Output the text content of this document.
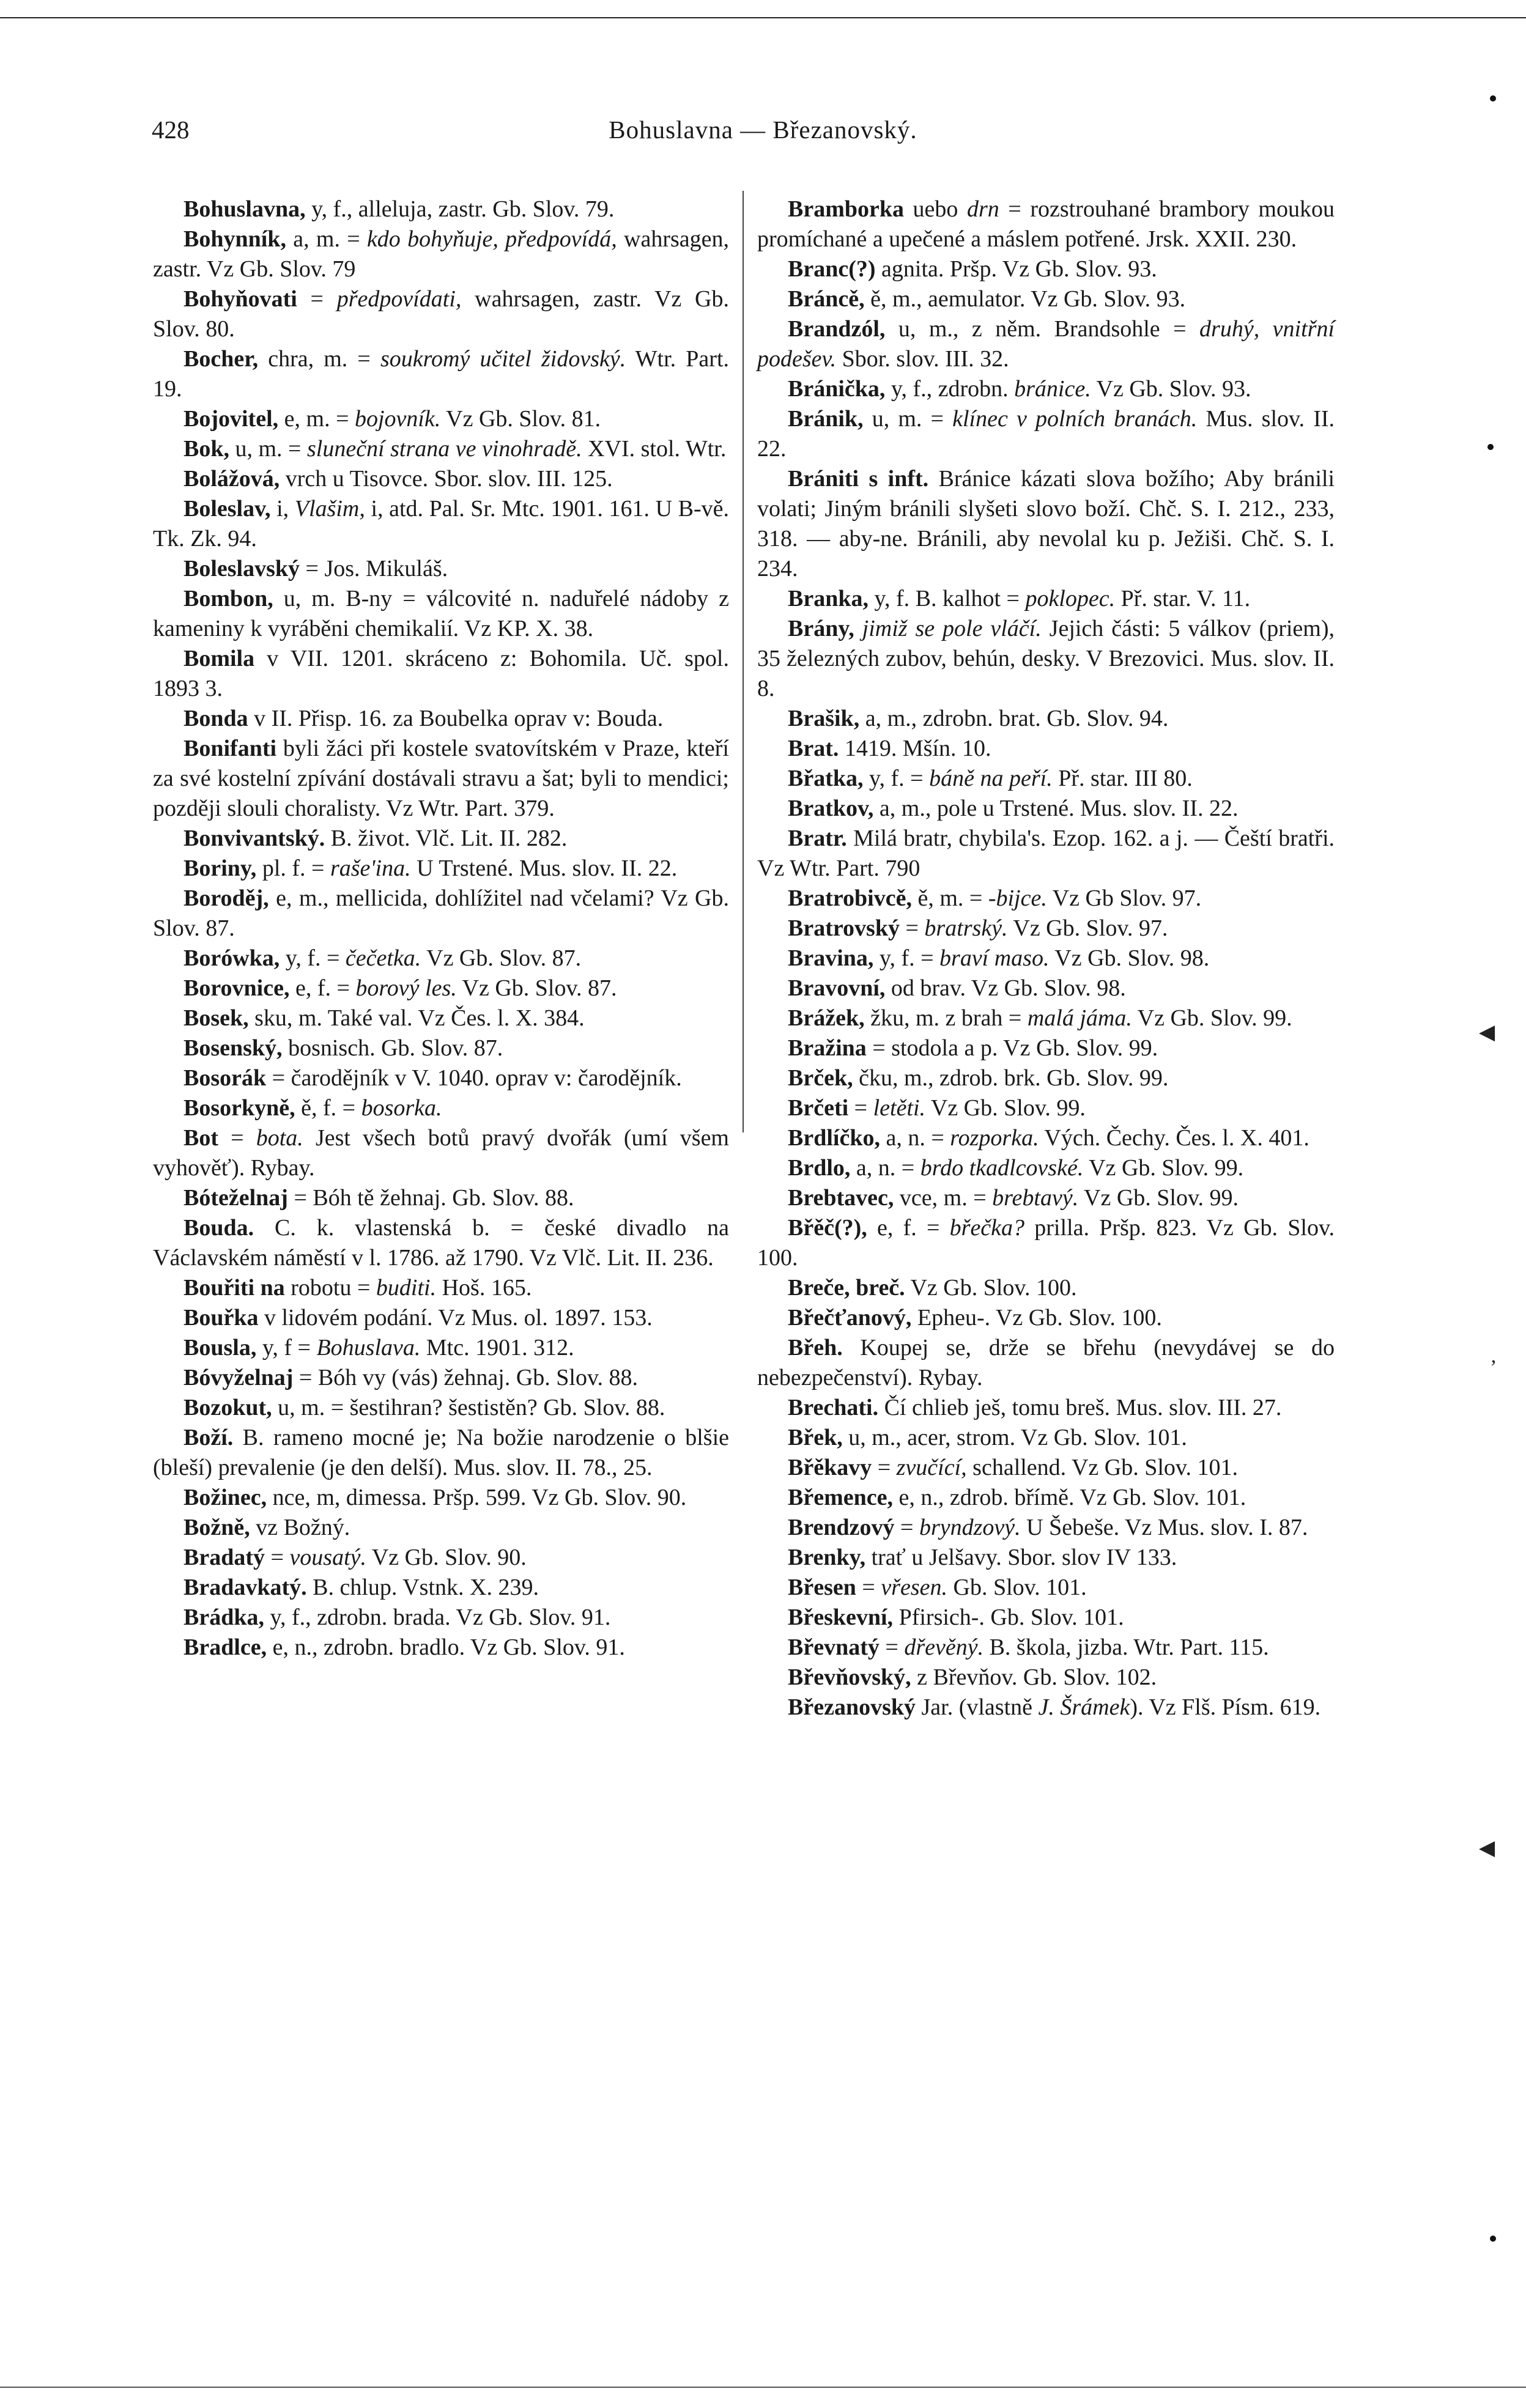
428	Bohuslavna — Březanovský.

Bohuslavna, y, f., alleluja, zastr. Gb. Slov. 79.

Bohynník, a, m. = kdo bohyňuje, předpovídá, wahrsagen, zastr. Vz Gb. Slov. 79

Bohyňovati = předpovídati, wahrsagen, zastr. Vz Gb. Slov. 80.

Bocher, chra, m. = soukromý učitel židovský. Wtr. Part. 19.

Bojovitel, e, m. = bojovník. Vz Gb. Slov. 81.

Bok, u, m. = sluneční strana ve vinohradě. XVI. stol. Wtr.

Bolážová, vrch u Tisovce. Sbor. slov. III. 125.

Boleslav, i, Vlašim, i, atd. Pal. Sr. Mtc. 1901. 161. U B-vě. Tk. Zk. 94.

Boleslavský = Jos. Mikuláš.

Bombon, u, m. B-ny = válcovité n. naduřelé nádoby z kameniny k vyráběni chemikalií. Vz KP. X. 38.

Bomila v VII. 1201. skráceno z: Bohomila. Uč. spol. 1893 3.

Bonda v II. Přisp. 16. za Boubelka oprav v: Bouda.

Bonifanti byli žáci při kostele svatovítském v Praze, kteří za své kostelní zpívání dostávali stravu a šat; byli to mendici; později slouli choralisty. Vz Wtr. Part. 379.

Bonvivantský. B. život. Vlč. Lit. II. 282.

Boriny, pl. f. = raše'ina. U Trstené. Mus. slov. II. 22.

Boroděj, e, m., mellicida, dohlížitel nad včelami? Vz Gb. Slov. 87.

Borówka, y, f. = čečetka. Vz Gb. Slov. 87.

Borovnice, e, f. = borový les. Vz Gb. Slov. 87.

Bosek, sku, m. Také val. Vz Čes. l. X. 384.

Bosenský, bosnisch. Gb. Slov. 87.

Bosorák = čarodějník v V. 1040. oprav v: čarodějník.

Bosorkyně, ě, f. = bosorka.

Bot = bota. Jest všech botů pravý dvořák (umí všem vyhověť). Rybay.

Bóteželnaj = Bóh tě žehnaj. Gb. Slov. 88.

Bouda. C. k. vlastenská b. = české divadlo na Václavském náměstí v l. 1786. až 1790. Vz Vlč. Lit. II. 236.

Bouřiti na robotu = buditi. Hoš. 165.

Bouřka v lidovém podání. Vz Mus. ol. 1897. 153.

Bousla, y, f = Bohuslava. Mtc. 1901. 312.

Bóvyželnaj = Bóh vy (vás) žehnaj. Gb. Slov. 88.

Bozokut, u, m. = šestihran? šestistěn? Gb. Slov. 88.

Boží. B. rameno mocné je; Na božie narodzenie o blšie (bleší) prevalenie (je den delší). Mus. slov. II. 78., 25.

Božinec, nce, m, dimessa. Pršp. 599. Vz Gb. Slov. 90.

Božně, vz Božný.

Bradatý = vousatý. Vz Gb. Slov. 90.

Bradavkatý. B. chlup. Vstnk. X. 239.

Brádka, y, f., zdrobn. brada. Vz Gb. Slov. 91.

Bradlce, e, n., zdrobn. bradlo. Vz Gb. Slov. 91.

Bramborka uebo drn = rozstrouhané brambory moukou promíchané a upečené a máslem potřené. Jrsk. XXII. 230.

Branc(?) agnita. Pršp. Vz Gb. Slov. 93.

Bráncě, ě, m., aemulator. Vz Gb. Slov. 93.

Brandzól, u, m., z něm. Brandsohle = druhý, vnitřní podešev. Sbor. slov. III. 32.

Bránička, y, f., zdrobn. bránice. Vz Gb. Slov. 93.

Bránik, u, m. = klínec v polních branách. Mus. slov. II. 22.

Brániti s inft. Bránice kázati slova božího; Aby bránili volati; Jiným bránili slyšeti slovo boží. Chč. S. I. 212., 233, 318. — aby-ne. Bránili, aby nevolal ku p. Ježiši. Chč. S. I. 234.

Branka, y, f. B. kalhot = poklopec. Př. star. V. 11.

Brány, jimiž se pole vláčí. Jejich části: 5 válkov (priem), 35 železných zubov, behún, desky. V Brezovici. Mus. slov. II. 8.

Brašik, a, m., zdrobn. brat. Gb. Slov. 94.

Brat. 1419. Mšín. 10.

Břatka, y, f. = báně na peří. Př. star. III 80.

Bratkov, a, m., pole u Trstené. Mus. slov. II. 22.

Bratr. Milá bratr, chybila's. Ezop. 162. a j. — Čeští bratři. Vz Wtr. Part. 790

Bratrobivcě, ě, m. = -bijce. Vz Gb Slov. 97.

Bratrovský = bratrský. Vz Gb. Slov. 97.

Bravina, y, f. = braví maso. Vz Gb. Slov. 98.

Bravovní, od brav. Vz Gb. Slov. 98.

Brážek, žku, m. z brah = malá jáma. Vz Gb. Slov. 99.

Bražina = stodola a p. Vz Gb. Slov. 99.

Brček, čku, m., zdrob. brk. Gb. Slov. 99.

Brčeti = letěti. Vz Gb. Slov. 99.

Brdlíčko, a, n. = rozporka. Vých. Čechy. Čes. l. X. 401.

Brdlo, a, n. = brdo tkadlcovské. Vz Gb. Slov. 99.

Brebtavec, vce, m. = brebtavý. Vz Gb. Slov. 99.

Břěč(?), e, f. = břečka? prilla. Pršp. 823. Vz Gb. Slov. 100.

Breče, breč. Vz Gb. Slov. 100.

Břečťanový, Epheu-. Vz Gb. Slov. 100.

Břeh. Koupej se, drže se břehu (nevydávej se do nebezpečenství). Rybay.

Brechati. Čí chlieb ješ, tomu breš. Mus. slov. III. 27.

Břek, u, m., acer, strom. Vz Gb. Slov. 101.

Břěkavy = zvučící, schallend. Vz Gb. Slov. 101.

Břemence, e, n., zdrob. břímě. Vz Gb. Slov. 101.

Brendzový = bryndzový. U Šebeše. Vz Mus. slov. I. 87.

Brenky, trať u Jelšavy. Sbor. slov IV 133.

Břesen = vřesen. Gb. Slov. 101.

Břeskevní, Pfirsich-. Gb. Slov. 101.

Břevnatý = dřevěný. B. škola, jizba. Wtr. Part. 115.

Břevňovský, z Břevňov. Gb. Slov. 102.

Březanovský Jar. (vlastně J. Šrámek). Vz Flš. Písm. 619.

◀
◀
ʼ
